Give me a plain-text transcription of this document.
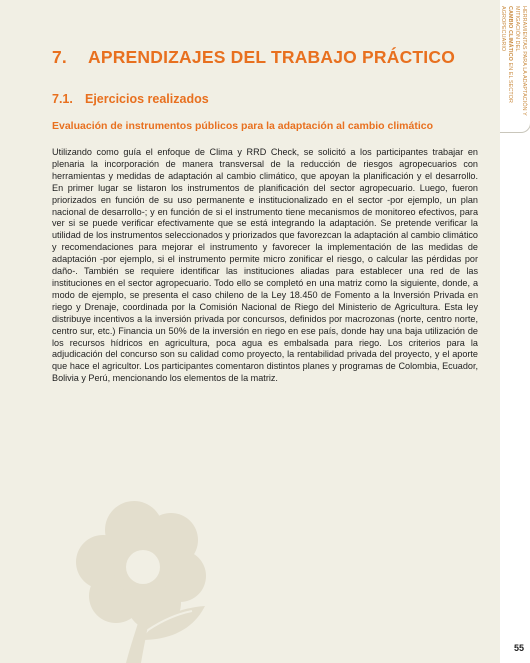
HERRAMIENTAS PARA LA ADAPTACIÓN Y MITIGACIÓN DEL
CAMBIO CLIMÁTICO EN EL SECTOR AGROPECUARIO
7. APRENDIZAJES DEL TRABAJO PRÁCTICO
7.1. Ejercicios realizados
Evaluación de instrumentos públicos para la adaptación al cambio climático

Utilizando como guía el enfoque de Clima y RRD Check, se solicitó a los participantes trabajar en plenaria la incorporación de manera transversal de la reducción de riesgos agropecuarios con herramientas y medidas de adaptación al cambio climático, que apoyan la planificación y el desarrollo. En primer lugar se listaron los instrumentos de planificación del sector agropecuario. Luego, fueron priorizados en función de su uso permanente e institucionalizado en el sector -por ejemplo, un plan nacional de desarrollo-; y en función de si el instrumento tiene mecanismos de monitoreo efectivos, para ver si se puede verificar efectivamente que se está integrando la adaptación. Se pretende verificar la utilidad de los instrumentos seleccionados y priorizados que favorezcan la adaptación al cambio climático y recomendaciones para mejorar el instrumento y favorecer la implementación de las medidas de adaptación -por ejemplo, si el instrumento permite micro zonificar el riesgo, o calcular las pérdidas por daño-. También se requiere identificar las instituciones aliadas para establecer una red de las instituciones en el sector agropecuario. Todo ello se completó en una matriz como la siguiente, donde, a modo de ejemplo, se presenta el caso chileno de la Ley 18.450 de Fomento a la Inversión Privada en riego y Drenaje, coordinada por la Comisión Nacional de Riego del Ministerio de Agricultura. Esta ley distribuye incentivos a la inversión privada por concursos, definidos por macrozonas (norte, centro norte, centro sur, etc.) Financia un 50% de la inversión en riego en ese país, donde hay una baja utilización de los recursos hídricos en agricultura, poca agua es embalsada para riego. Los criterios para la adjudicación del concurso son su calidad como proyecto, la rentabilidad privada del proyecto, y el aporte que hace el agricultor. Los participantes comentaron distintos planes y programas de Colombia, Ecuador, Bolivia y Perú, mencionando los elementos de la matriz.

55
